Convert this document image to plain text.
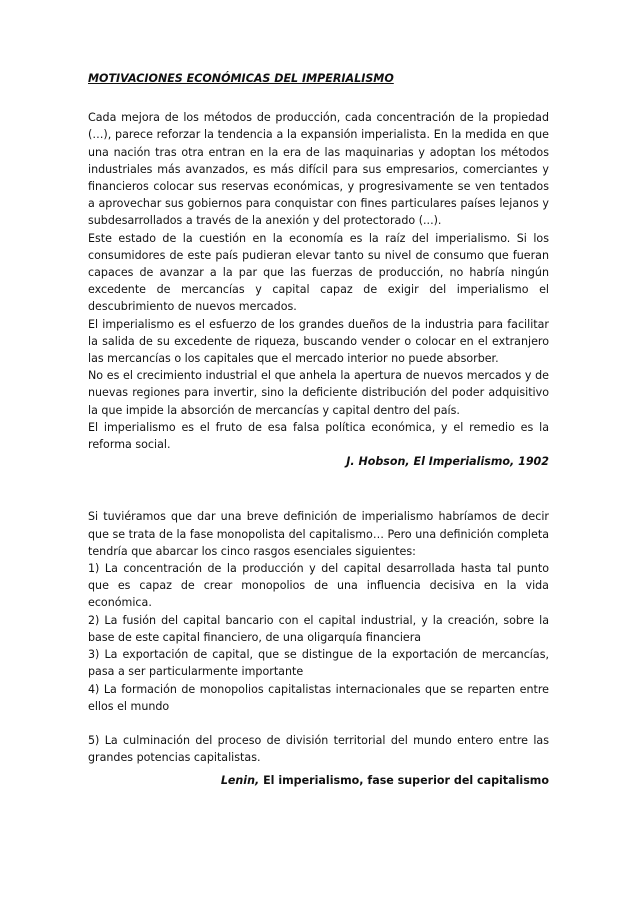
MOTIVACIONES ECONÓMICAS DEL IMPERIALISMO

Cada mejora de los métodos de producción, cada concentración de la propiedad (…), parece reforzar la tendencia a la expansión imperialista. En la medida en que una nación tras otra entran en la era de las maquinarias y adoptan los métodos industriales más avanzados, es más difícil para sus empresarios, comerciantes y financieros colocar sus reservas económicas, y progresivamente se ven tentados a aprovechar sus gobiernos para conquistar con fines particulares países lejanos y subdesarrollados a través de la anexión y del protectorado (...).

Este estado de la cuestión en la economía es la raíz del imperialismo. Si los consumidores de este país pudieran elevar tanto su nivel de consumo que fueran capaces de avanzar a la par que las fuerzas de producción, no habría ningún excedente de mercancías y capital capaz de exigir del imperialismo el descubrimiento de nuevos mercados.

El imperialismo es el esfuerzo de los grandes dueños de la industria para facilitar la salida de su excedente de riqueza, buscando vender o colocar en el extranjero las mercancías o los capitales que el mercado interior no puede absorber.

No es el crecimiento industrial el que anhela la apertura de nuevos mercados y de nuevas regiones para invertir, sino la deficiente distribución del poder adquisitivo la que impide la absorción de mercancías y capital dentro del país.

El imperialismo es el fruto de esa falsa política económica, y el remedio es la reforma social.

J. Hobson, El Imperialismo, 1902

Si tuviéramos que dar una breve definición de imperialismo habríamos de decir que se trata de la fase monopolista del capitalismo… Pero una definición completa tendría que abarcar los cinco rasgos esenciales siguientes:

1) La concentración de la producción y del capital desarrollada hasta tal punto que es capaz de crear monopolios de una influencia decisiva en la vida económica.

2) La fusión del capital bancario con el capital industrial, y la creación, sobre la base de este capital financiero, de una oligarquía financiera

3) La exportación de capital, que se distingue de la exportación de mercancías, pasa a ser particularmente importante

4) La formación de monopolios capitalistas internacionales que se reparten entre ellos el mundo

5) La culminación del proceso de división territorial del mundo entero entre las grandes potencias capitalistas.

Lenin, El imperialismo, fase superior del capitalismo
